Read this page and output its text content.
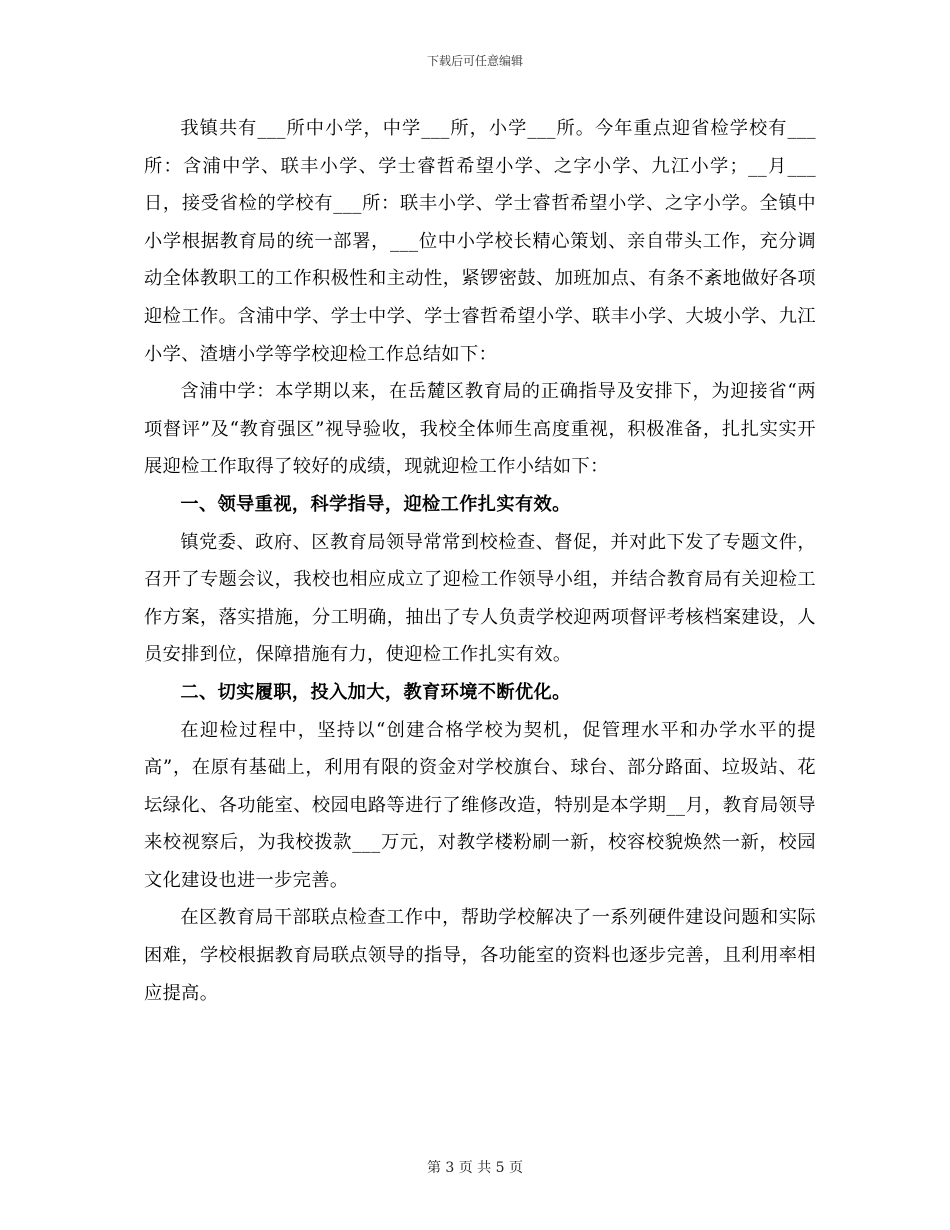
下载后可任意编辑

我镇共有___所中小学，中学___所，小学___所。今年重点迎省检学校有___所：含浦中学、联丰小学、学士睿哲希望小学、之字小学、九江小学；__月___日，接受省检的学校有___所：联丰小学、学士睿哲希望小学、之字小学。全镇中小学根据教育局的统一部署，___位中小学校长精心策划、亲自带头工作，充分调动全体教职工的工作积极性和主动性，紧锣密鼓、加班加点、有条不紊地做好各项迎检工作。含浦中学、学士中学、学士睿哲希望小学、联丰小学、大坡小学、九江小学、渣塘小学等学校迎检工作总结如下：

含浦中学：本学期以来，在岳麓区教育局的正确指导及安排下，为迎接省“两项督评”及“教育强区”视导验收，我校全体师生高度重视，积极准备，扎扎实实开展迎检工作取得了较好的成绩，现就迎检工作小结如下：

一、领导重视，科学指导，迎检工作扎实有效。

镇党委、政府、区教育局领导常常到校检查、督促，并对此下发了专题文件，召开了专题会议，我校也相应成立了迎检工作领导小组，并结合教育局有关迎检工作方案，落实措施，分工明确，抽出了专人负责学校迎两项督评考核档案建设，人员安排到位，保障措施有力，使迎检工作扎实有效。

二、切实履职，投入加大，教育环境不断优化。

在迎检过程中，坚持以“创建合格学校为契机，促管理水平和办学水平的提高”，在原有基础上，利用有限的资金对学校旗台、球台、部分路面、垃圾站、花坛绿化、各功能室、校园电路等进行了维修改造，特别是本学期__月，教育局领导来校视察后，为我校拨款___万元，对教学楼粉刷一新，校容校貌焕然一新，校园文化建设也进一步完善。

在区教育局干部联点检查工作中，帮助学校解决了一系列硬件建设问题和实际困难，学校根据教育局联点领导的指导，各功能室的资料也逐步完善，且利用率相应提高。

第 3 页 共 5 页
